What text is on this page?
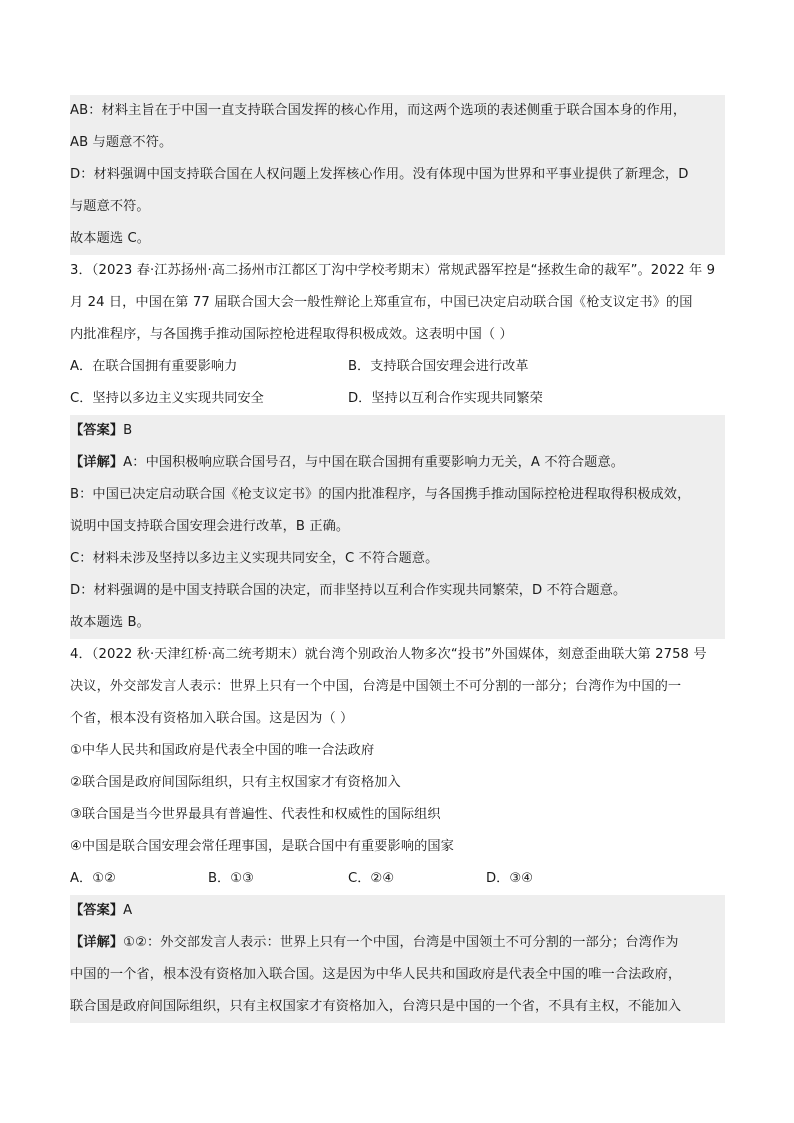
AB：材料主旨在于中国一直支持联合国发挥的核心作用，而这两个选项的表述侧重于联合国本身的作用，
AB 与题意不符。
D：材料强调中国支持联合国在人权问题上发挥核心作用。没有体现中国为世界和平事业提供了新理念，D
与题意不符。
故本题选 C。
3．（2023 春·江苏扬州·高二扬州市江都区丁沟中学校考期末）常规武器军控是“拯救生命的裁军”。2022 年 9
月 24 日，中国在第 77 届联合国大会一般性辩论上郑重宣布，中国已决定启动联合国《枪支议定书》的国
内批准程序，与各国携手推动国际控枪进程取得积极成效。这表明中国（ ）
A．在联合国拥有重要影响力	B．支持联合国安理会进行改革
C．坚持以多边主义实现共同安全	D．坚持以互利合作实现共同繁荣
【答案】B
【详解】A：中国积极响应联合国号召，与中国在联合国拥有重要影响力无关，A 不符合题意。
B：中国已决定启动联合国《枪支议定书》的国内批准程序，与各国携手推动国际控枪进程取得积极成效，
说明中国支持联合国安理会进行改革，B 正确。
C：材料未涉及坚持以多边主义实现共同安全，C 不符合题意。
D：材料强调的是中国支持联合国的决定，而非坚持以互利合作实现共同繁荣，D 不符合题意。
故本题选 B。
4．（2022 秋·天津红桥·高二统考期末）就台湾个别政治人物多次“投书”外国媒体，刻意歪曲联大第 2758 号
决议，外交部发言人表示：世界上只有一个中国，台湾是中国领土不可分割的一部分；台湾作为中国的一
个省，根本没有资格加入联合国。这是因为（ ）
①中华人民共和国政府是代表全中国的唯一合法政府
②联合国是政府间国际组织，只有主权国家才有资格加入
③联合国是当今世界最具有普遍性、代表性和权威性的国际组织
④中国是联合国安理会常任理事国，是联合国中有重要影响的国家
A．①②	B．①③	C．②④	D．③④
【答案】A
【详解】①②：外交部发言人表示：世界上只有一个中国，台湾是中国领土不可分割的一部分；台湾作为
中国的一个省，根本没有资格加入联合国。这是因为中华人民共和国政府是代表全中国的唯一合法政府，
联合国是政府间国际组织，只有主权国家才有资格加入，台湾只是中国的一个省，不具有主权，不能加入
